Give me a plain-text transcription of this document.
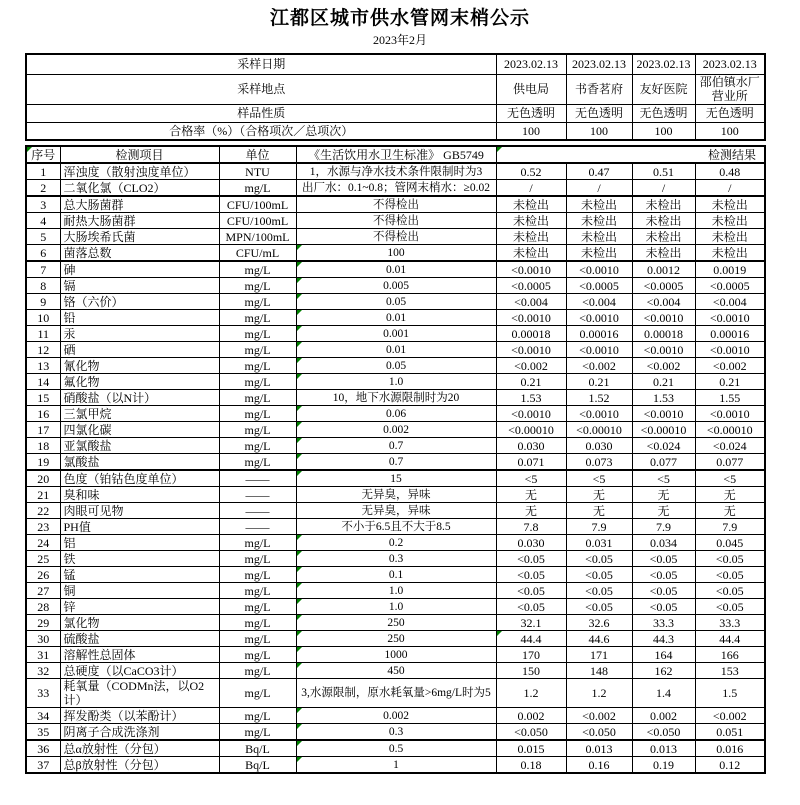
江都区城市供水管网末梢公示
2023年2月
采样日期	2023.02.13	2023.02.13	2023.02.13	2023.02.13
采样地点	供电局	书香茗府	友好医院	邵伯镇水厂营业所
样品性质	无色透明	无色透明	无色透明	无色透明
合格率（%）（合格项次／总项次）	100	100	100	100
序号	检测项目	单位	《生活饮用水卫生标准》 GB5749	检测结果			
1	浑浊度（散射浊度单位）	NTU	1，水源与净水技术条件限制时为3	0.52	0.47	0.51	0.48
2	二氧化氯（CLO2）	mg/L	出厂水：0.1~0.8；管网末梢水：≥0.02	/	/	/	/
3	总大肠菌群	CFU/100mL	不得检出	未检出	未检出	未检出	未检出
4	耐热大肠菌群	CFU/100mL	不得检出	未检出	未检出	未检出	未检出
5	大肠埃希氏菌	MPN/100mL	不得检出	未检出	未检出	未检出	未检出
6	菌落总数	CFU/mL	100	未检出	未检出	未检出	未检出
7	砷	mg/L	0.01	<0.0010	<0.0010	0.0012	0.0019
8	镉	mg/L	0.005	<0.0005	<0.0005	<0.0005	<0.0005
9	铬（六价）	mg/L	0.05	<0.004	<0.004	<0.004	<0.004
10	铅	mg/L	0.01	<0.0010	<0.0010	<0.0010	<0.0010
11	汞	mg/L	0.001	0.00018	0.00016	0.00018	0.00016
12	硒	mg/L	0.01	<0.0010	<0.0010	<0.0010	<0.0010
13	氰化物	mg/L	0.05	<0.002	<0.002	<0.002	<0.002
14	氟化物	mg/L	1.0	0.21	0.21	0.21	0.21
15	硝酸盐（以N计）	mg/L	10，地下水源限制时为20	1.53	1.52	1.53	1.55
16	三氯甲烷	mg/L	0.06	<0.0010	<0.0010	<0.0010	<0.0010
17	四氯化碳	mg/L	0.002	<0.00010	<0.00010	<0.00010	<0.00010
18	亚氯酸盐	mg/L	0.7	0.030	0.030	<0.024	<0.024
19	氯酸盐	mg/L	0.7	0.071	0.073	0.077	0.077
20	色度（铂钴色度单位）	——	15	<5	<5	<5	<5
21	臭和味	——	无异臭，异味	无	无	无	无
22	肉眼可见物	——	无异臭，异味	无	无	无	无
23	PH值	——	不小于6.5且不大于8.5	7.8	7.9	7.9	7.9
24	铝	mg/L	0.2	0.030	0.031	0.034	0.045
25	铁	mg/L	0.3	<0.05	<0.05	<0.05	<0.05
26	锰	mg/L	0.1	<0.05	<0.05	<0.05	<0.05
27	铜	mg/L	1.0	<0.05	<0.05	<0.05	<0.05
28	锌	mg/L	1.0	<0.05	<0.05	<0.05	<0.05
29	氯化物	mg/L	250	32.1	32.6	33.3	33.3
30	硫酸盐	mg/L	250	44.4	44.6	44.3	44.4
31	溶解性总固体	mg/L	1000	170	171	164	166
32	总硬度（以CaCO3计）	mg/L	450	150	148	162	153
33	耗氧量（CODMn法，以O2计）	mg/L	3,水源限制，原水耗氧量>6mg/L时为5	1.2	1.2	1.4	1.5
34	挥发酚类（以苯酚计）	mg/L	0.002	0.002	<0.002	0.002	<0.002
35	阴离子合成洗涤剂	mg/L	0.3	<0.050	<0.050	<0.050	0.051
36	总α放射性（分包）	Bq/L	0.5	0.015	0.013	0.013	0.016
37	总β放射性（分包）	Bq/L	1	0.18	0.16	0.19	0.12
